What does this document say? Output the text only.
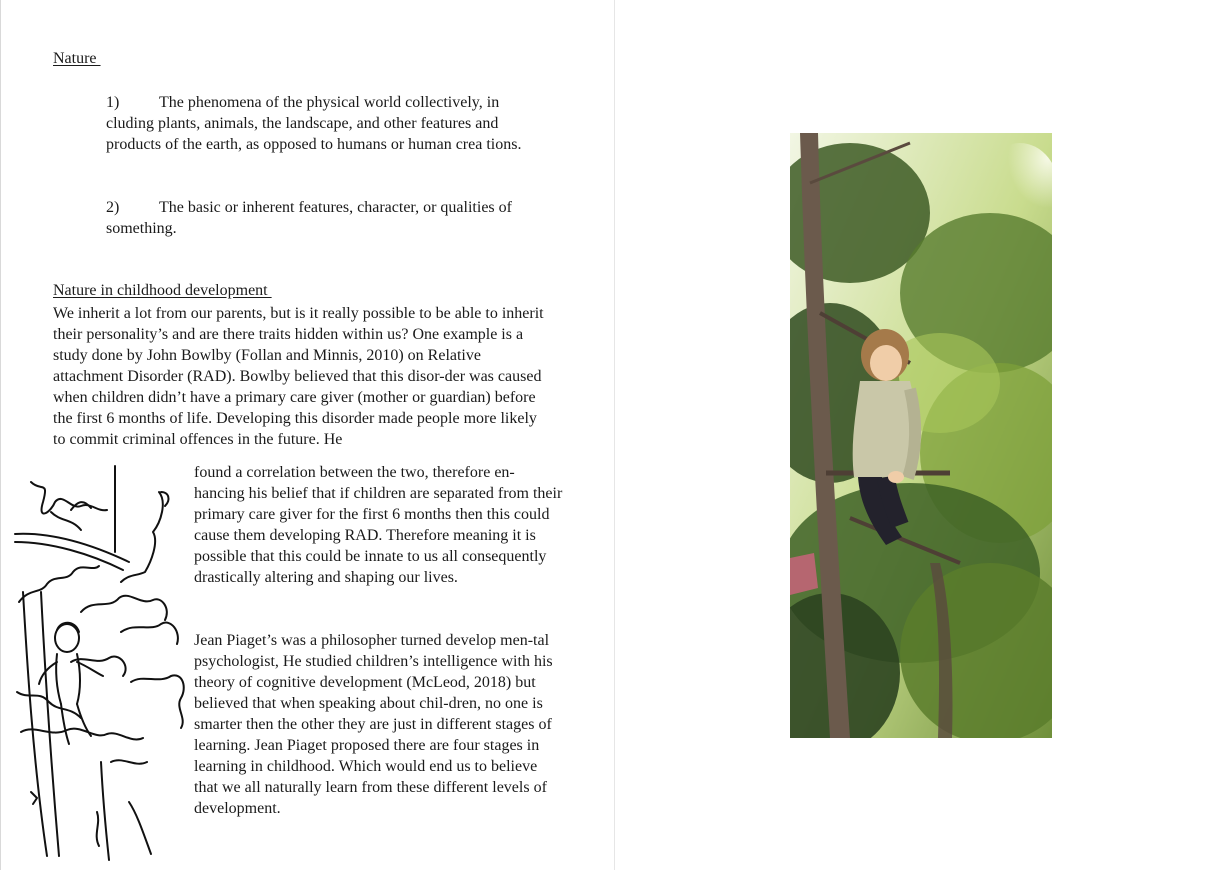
Nature

1) The phenomena of the physical world collectively, in cluding plants, animals, the landscape, and other features and products of the earth, as opposed to humans or human crea tions.

2) The basic or inherent features, character, or qualities of something.

Nature in childhood development

We inherit a lot from our parents, but is it really possible to be able to inherit their personality’s and are there traits hidden within us? One example is a study done by John Bowlby (Follan and Minnis, 2010) on Relative attachment Disorder (RAD). Bowlby believed that this disor-der was caused when children didn’t have a primary care giver (mother or guardian) before the first 6 months of life. Developing this disorder made people more likely to commit criminal offences in the future. He

found a correlation between the two, therefore en-hancing his belief that if children are separated from their primary care giver for the first 6 months then this could cause them developing RAD. Therefore meaning it is possible that this could be innate to us all consequently drastically altering and shaping our lives.

Jean Piaget’s was a philosopher turned develop men-tal psychologist, He studied children’s intelligence with his theory of cognitive development (McLeod, 2018) but believed that when speaking about chil-dren, no one is smarter then the other they are just in different stages of learning. Jean Piaget proposed there are four stages in learning in childhood. Which would end us to believe that we all naturally learn from these different levels of development.
